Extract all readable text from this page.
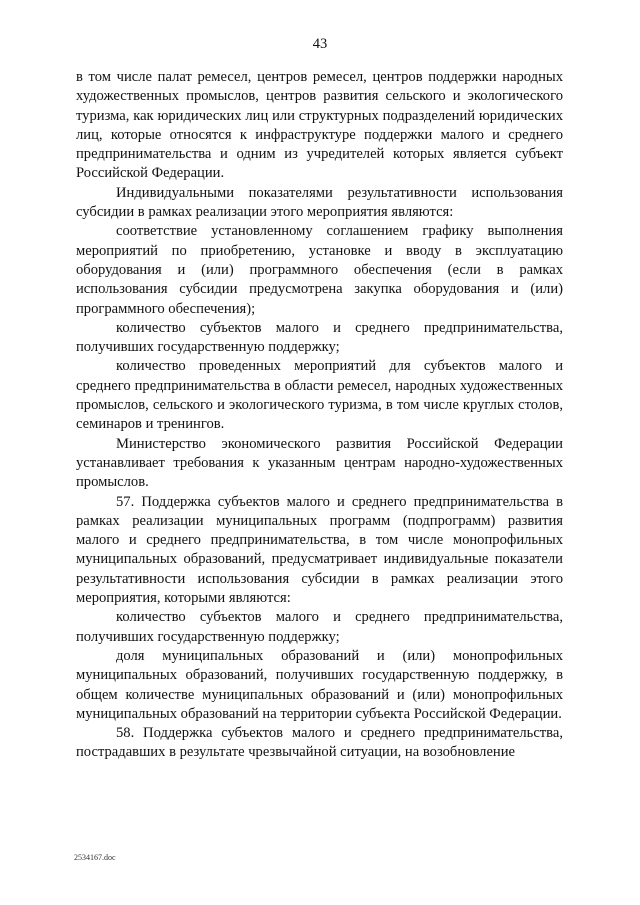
43

в том числе палат ремесел, центров ремесел, центров поддержки народных художественных промыслов, центров развития сельского и экологического туризма, как юридических лиц или структурных подразделений юридических лиц, которые относятся к инфраструктуре поддержки малого и среднего предпринимательства и одним из учредителей которых является субъект Российской Федерации.

Индивидуальными показателями результативности использования субсидии в рамках реализации этого мероприятия являются:

соответствие установленному соглашением графику выполнения мероприятий по приобретению, установке и вводу в эксплуатацию оборудования и (или) программного обеспечения (если в рамках использования субсидии предусмотрена закупка оборудования и (или) программного обеспечения);

количество субъектов малого и среднего предпринимательства, получивших государственную поддержку;

количество проведенных мероприятий для субъектов малого и среднего предпринимательства в области ремесел, народных художественных промыслов, сельского и экологического туризма, в том числе круглых столов, семинаров и тренингов.

Министерство экономического развития Российской Федерации устанавливает требования к указанным центрам народно-художественных промыслов.

57. Поддержка субъектов малого и среднего предпринимательства в рамках реализации муниципальных программ (подпрограмм) развития малого и среднего предпринимательства, в том числе монопрофильных муниципальных образований, предусматривает индивидуальные показатели результативности использования субсидии в рамках реализации этого мероприятия, которыми являются:

количество субъектов малого и среднего предпринимательства, получивших государственную поддержку;

доля муниципальных образований и (или) монопрофильных муниципальных образований, получивших государственную поддержку, в общем количестве муниципальных образований и (или) монопрофильных муниципальных образований на территории субъекта Российской Федерации.

58. Поддержка субъектов малого и среднего предпринимательства, пострадавших в результате чрезвычайной ситуации, на возобновление

2534167.doc
